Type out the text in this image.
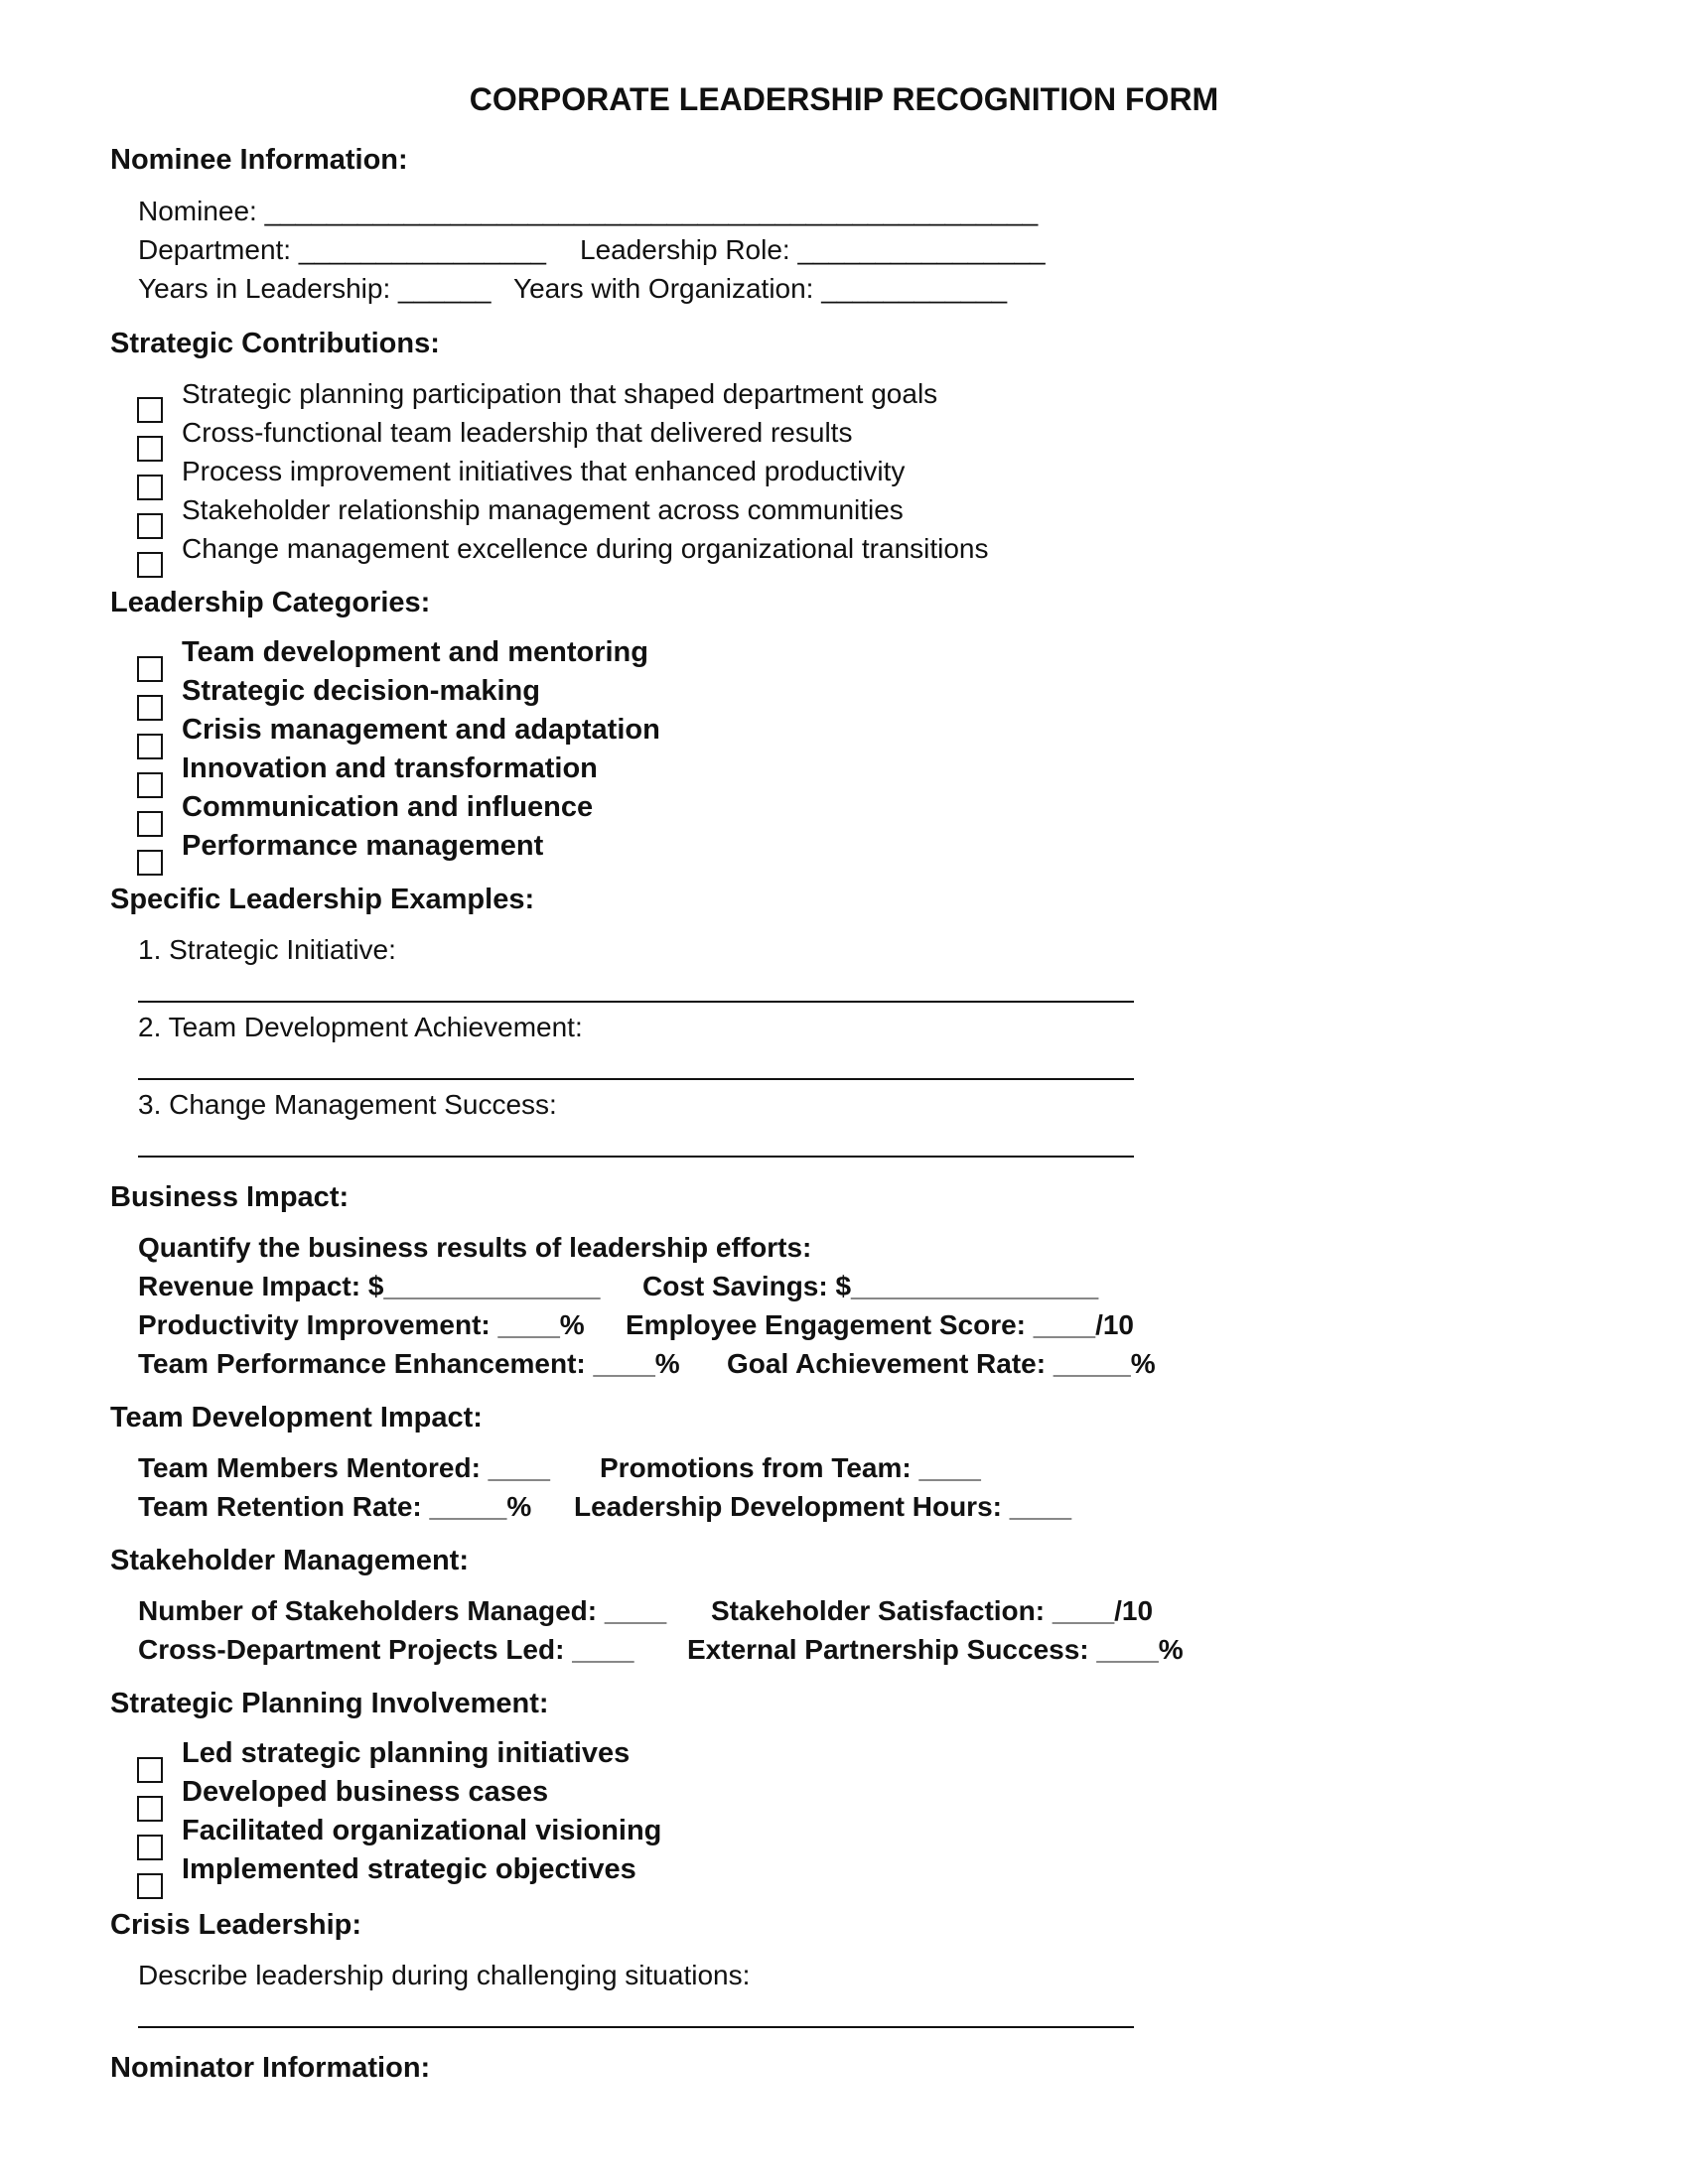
CORPORATE LEADERSHIP RECOGNITION FORM
Nominee Information:
Nominee: __________________________________________________
Department: ________________ Leadership Role: ________________
Years in Leadership: ______ Years with Organization: ____________
Strategic Contributions:
Strategic planning participation that shaped department goals
Cross-functional team leadership that delivered results
Process improvement initiatives that enhanced productivity
Stakeholder relationship management across communities
Change management excellence during organizational transitions
Leadership Categories:
Team development and mentoring
Strategic decision-making
Crisis management and adaptation
Innovation and transformation
Communication and influence
Performance management
Specific Leadership Examples:
1. Strategic Initiative:
2. Team Development Achievement:
3. Change Management Success:
Business Impact:
Quantify the business results of leadership efforts:
Revenue Impact: $______________ Cost Savings: $________________
Productivity Improvement: ____% Employee Engagement Score: ____/10
Team Performance Enhancement: ____% Goal Achievement Rate: _____%
Team Development Impact:
Team Members Mentored: ____ Promotions from Team: ____
Team Retention Rate: _____% Leadership Development Hours: ____
Stakeholder Management:
Number of Stakeholders Managed: ____ Stakeholder Satisfaction: ____/10
Cross-Department Projects Led: ____ External Partnership Success: ____%
Strategic Planning Involvement:
Led strategic planning initiatives
Developed business cases
Facilitated organizational visioning
Implemented strategic objectives
Crisis Leadership:
Describe leadership during challenging situations:
Nominator Information:
